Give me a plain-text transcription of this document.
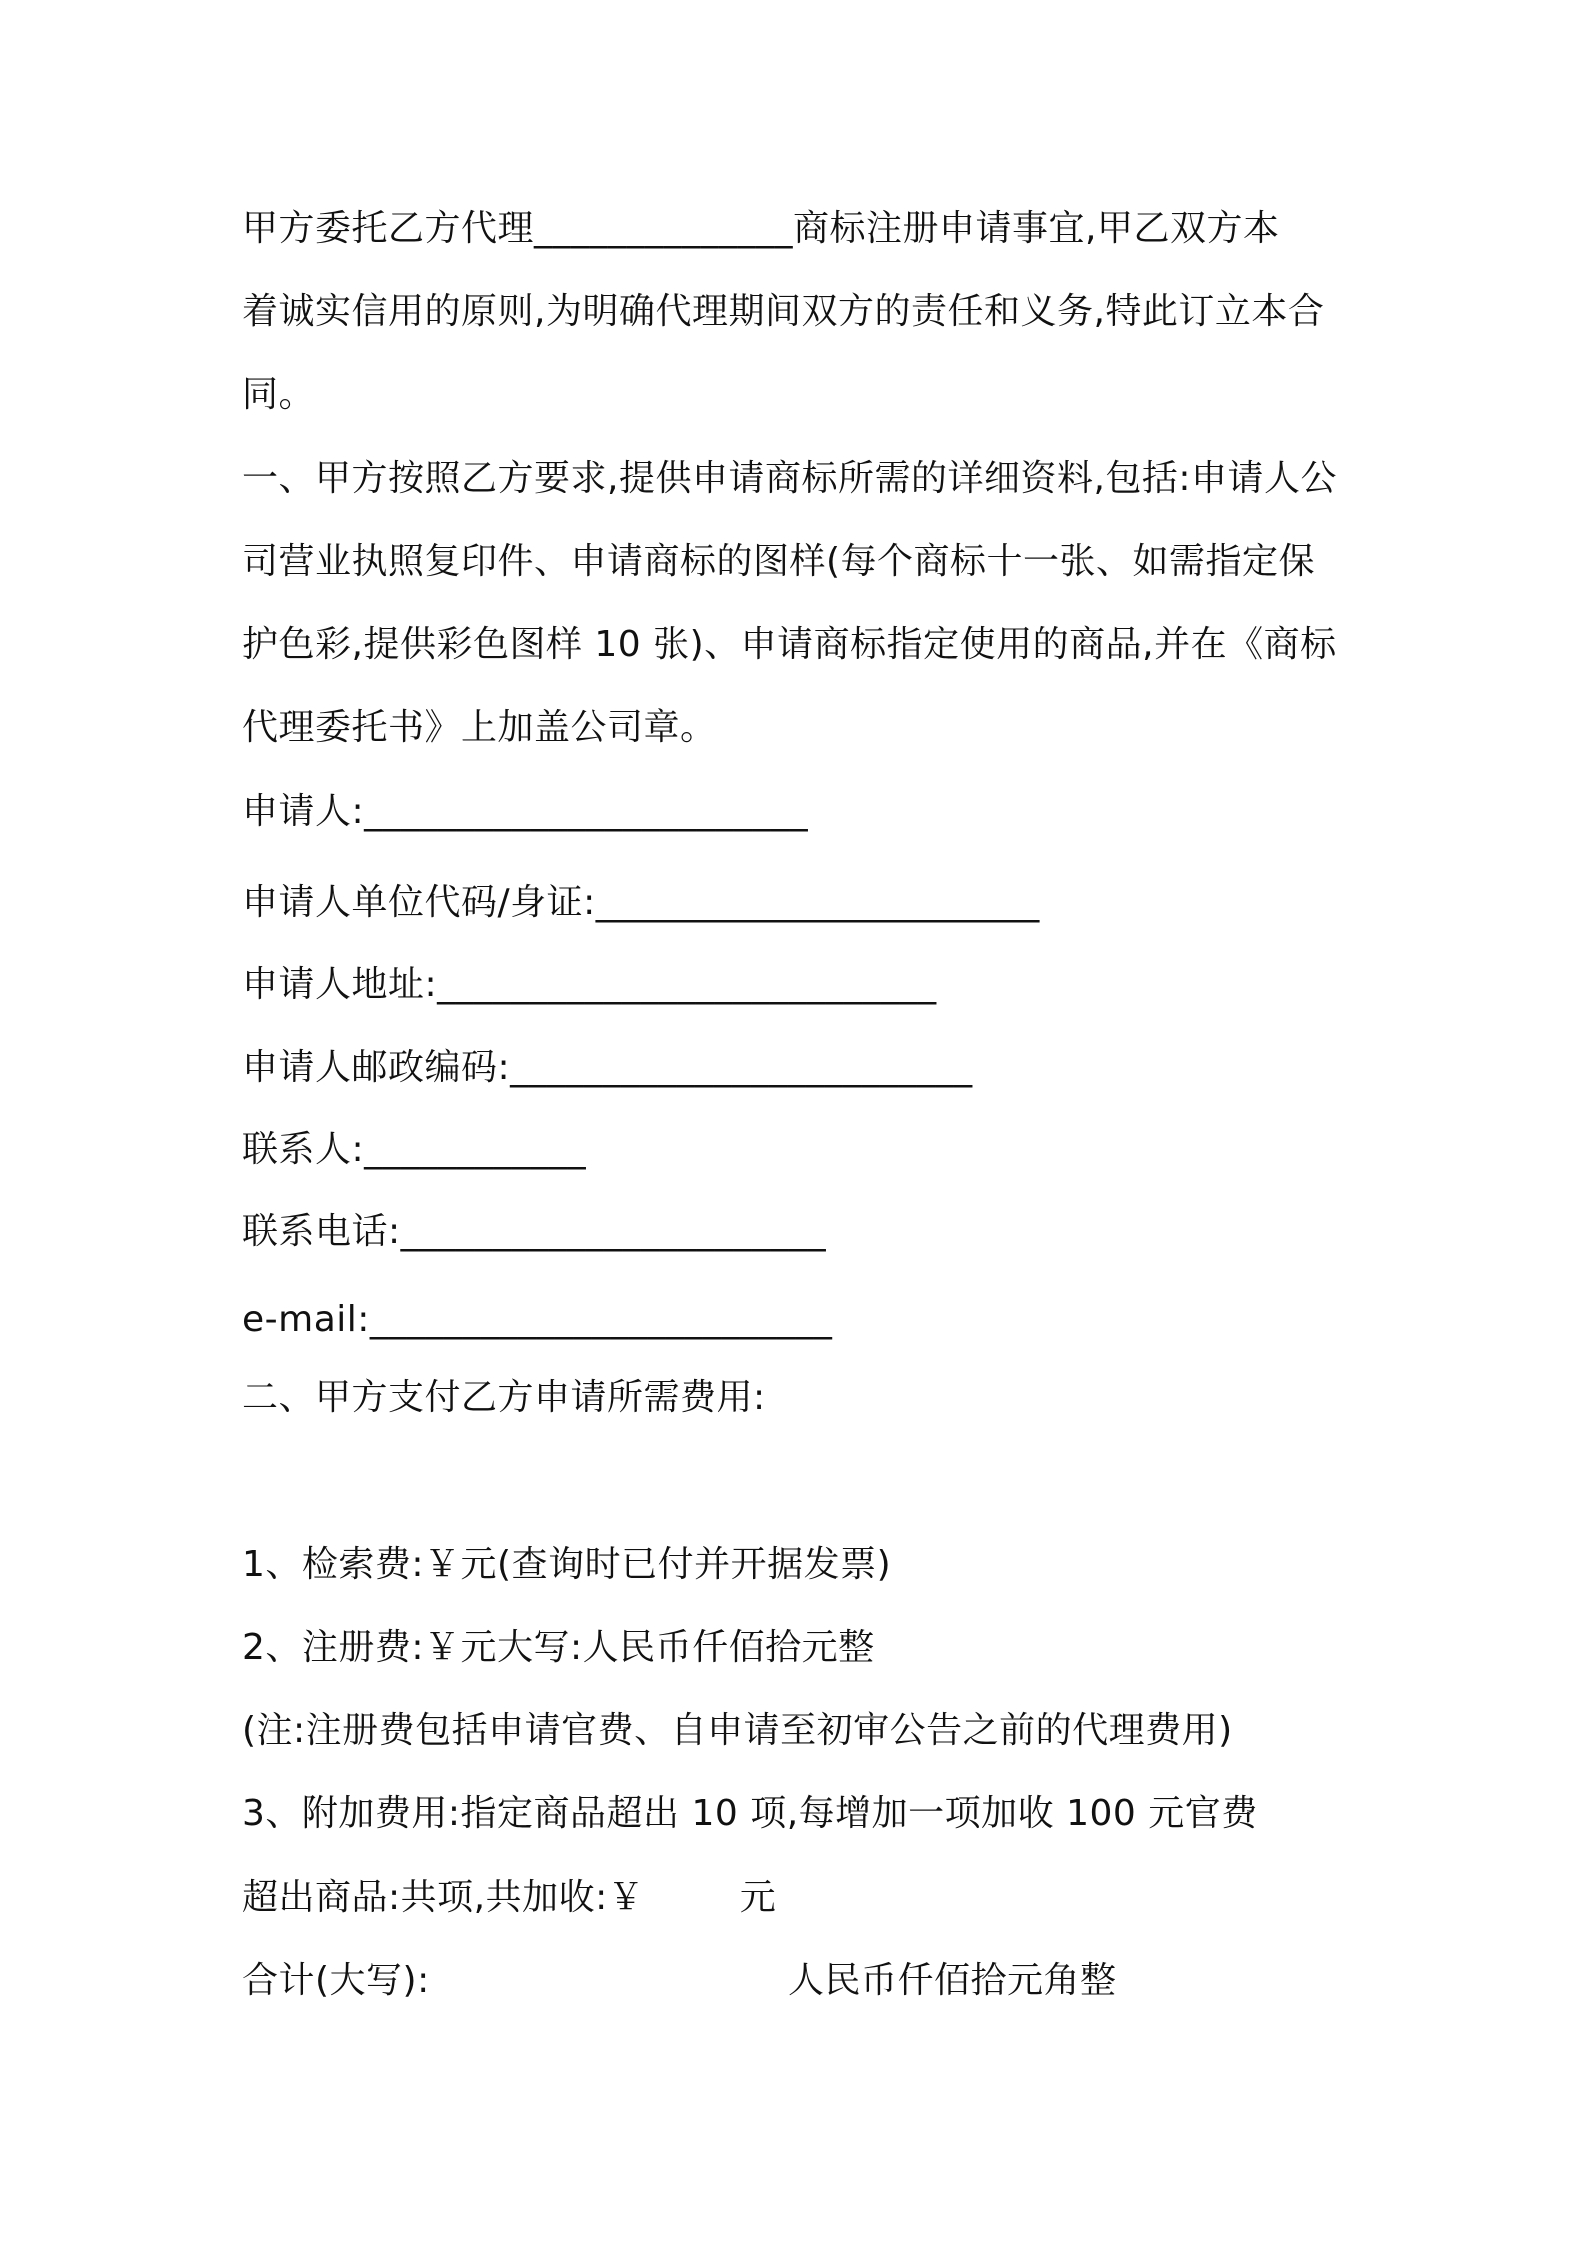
甲方委托乙方代理______________商标注册申请事宜,甲乙双方本
着诚实信用的原则,为明确代理期间双方的责任和义务,特此订立本合
同。
一、甲方按照乙方要求,提供申请商标所需的详细资料,包括:申请人公
司营业执照复印件、申请商标的图样(每个商标十一张、如需指定保
护色彩,提供彩色图样 10 张)、申请商标指定使用的商品,并在《商标
代理委托书》上加盖公司章。
申请人:________________________
申请人单位代码/身证:________________________
申请人地址:___________________________
申请人邮政编码:_________________________
联系人:____________
联系电话:_______________________
e-mail:_________________________
二、甲方支付乙方申请所需费用:
1、检索费:￥元(查询时已付并开据发票)
2、注册费:￥元大写:人民币仟佰拾元整
(注:注册费包括申请官费、自申请至初审公告之前的代理费用)
3、附加费用:指定商品超出 10 项,每增加一项加收 100 元官费
超出商品:共项,共加收:￥        元
合计(大写):                              人民币仟佰拾元角整
